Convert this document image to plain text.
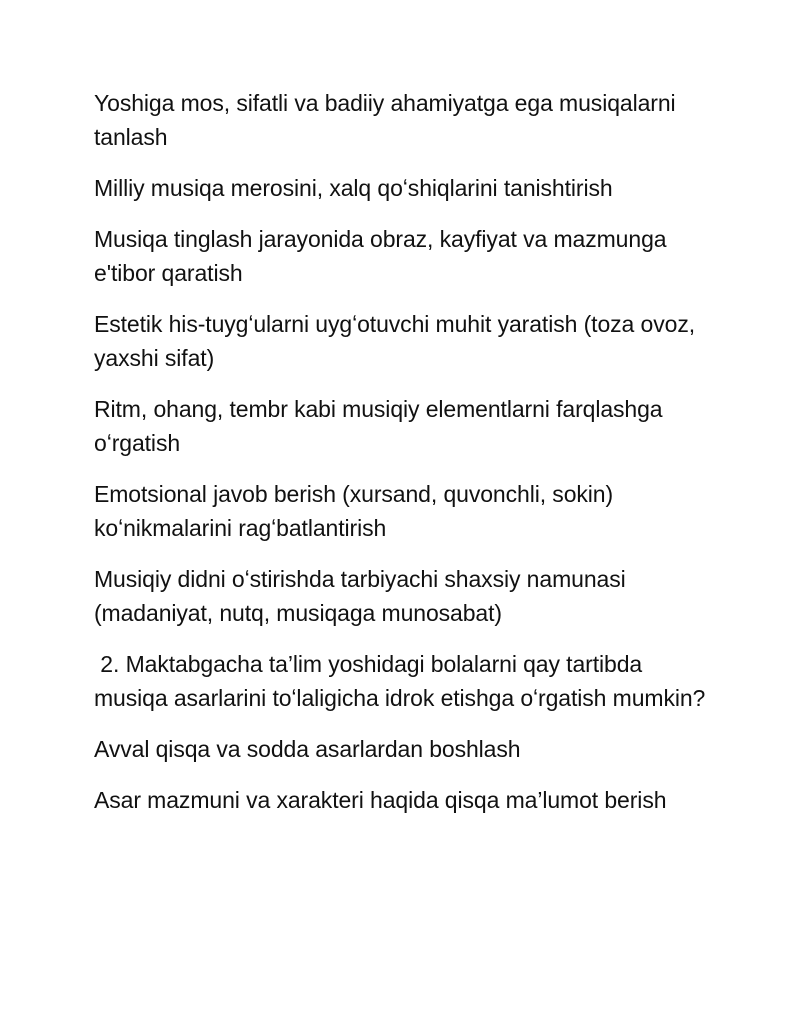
Yoshiga mos, sifatli va badiiy ahamiyatga ega musiqalarni tanlash

Milliy musiqa merosini, xalq qoʻshiqlarini tanishtirish

Musiqa tinglash jarayonida obraz, kayfiyat va mazmunga e'tibor qaratish

Estetik his-tuygʻularni uygʻotuvchi muhit yaratish (toza ovoz, yaxshi sifat)

Ritm, ohang, tembr kabi musiqiy elementlarni farqlashga oʻrgatish

Emotsional javob berish (xursand, quvonchli, sokin) koʻnikmalarini ragʻbatlantirish

Musiqiy didni oʻstirishda tarbiyachi shaxsiy namunasi (madaniyat, nutq, musiqaga munosabat)

2. Maktabgacha ta’lim yoshidagi bolalarni qay tartibda musiqa asarlarini toʻlaligicha idrok etishga oʻrgatish mumkin?

Avval qisqa va sodda asarlardan boshlash

Asar mazmuni va xarakteri haqida qisqa ma’lumot berish
